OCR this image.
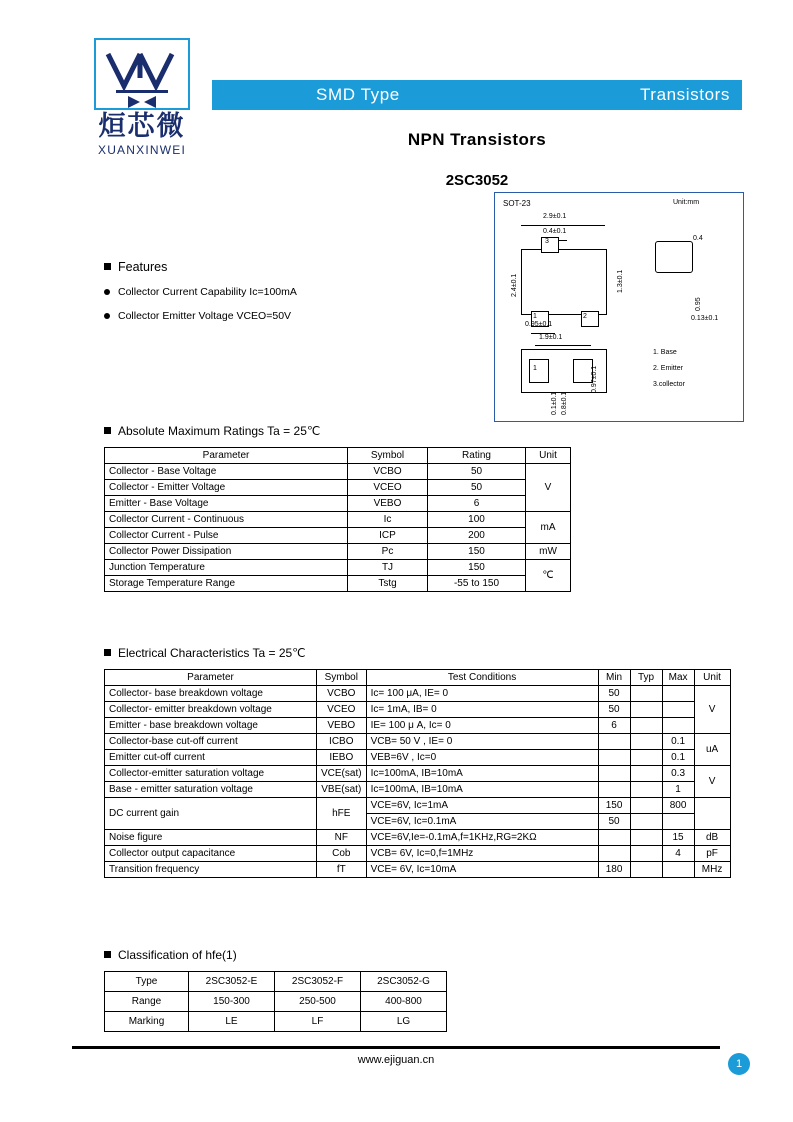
烜芯微
XUANXINWEI
SMD Type	Transistors
NPN Transistors
2SC3052
Features
Collector Current Capability Ic=100mA
Collector Emitter Voltage VCEO=50V
SOT-23	Unit:mm
2.9±0.1
0.4±0.1
3
1	2
2.4±0.1	1.3±0.1
0.95±0.1
1.9±0.1
0.4
0.95
0.13±0.1
1	0.97±0.1
0.1±0.1 0.8±0.1
1. Base
2. Emitter
3.collector
Absolute Maximum Ratings Ta = 25℃
Parameter	Symbol	Rating	Unit
Collector - Base Voltage	VCBO	50	V
Collector - Emitter Voltage	VCEO	50	
Emitter - Base Voltage	VEBO	6	
Collector Current - Continuous	Ic	100	mA
Collector Current - Pulse	ICP	200	
Collector Power Dissipation	Pc	150	mW
Junction Temperature	TJ	150	℃
Storage Temperature Range	Tstg	-55 to 150	
Electrical Characteristics Ta = 25℃
Parameter	Symbol	Test Conditions	Min	Typ	Max	Unit
Collector- base breakdown voltage	VCBO	Ic= 100 μA, IE= 0	50			V
Collector- emitter breakdown voltage	VCEO	Ic= 1mA, IB= 0	50			
Emitter - base breakdown voltage	VEBO	IE= 100 μ A, Ic= 0	6			
Collector-base cut-off current	ICBO	VCB= 50 V , IE= 0			0.1	uA
Emitter cut-off current	IEBO	VEB=6V , Ic=0			0.1	
Collector-emitter saturation voltage	VCE(sat)	Ic=100mA, IB=10mA			0.3	V
Base - emitter saturation voltage	VBE(sat)	Ic=100mA, IB=10mA			1	
DC current gain	hFE	VCE=6V, Ic=1mA	150		800	
		VCE=6V, Ic=0.1mA	50			
Noise figure	NF	VCE=6V,Ie=-0.1mA,f=1KHz,RG=2KΩ			15	dB
Collector output capacitance	Cob	VCB= 6V, Ic=0,f=1MHz			4	pF
Transition frequency	fT	VCE= 6V, Ic=10mA	180			MHz
Classification of hfe(1)
Type	2SC3052-E	2SC3052-F	2SC3052-G
Range	150-300	250-500	400-800
Marking	LE	LF	LG
www.ejiguan.cn	1
